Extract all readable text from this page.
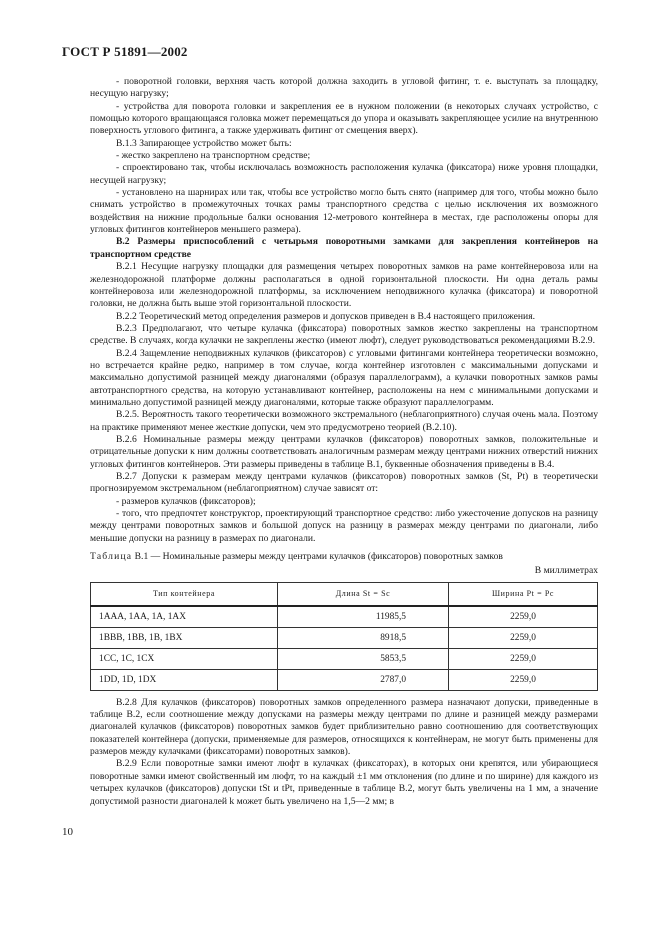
ГОСТ Р 51891—2002

- поворотной головки, верхняя часть которой должна заходить в угловой фитинг, т. е. выступать за площадку, несущую нагрузку;

- устройства для поворота головки и закрепления ее в нужном положении (в некоторых случаях устройство, с помощью которого вращающаяся головка может перемещаться до упора и оказывать закрепляющее усилие на внутреннюю поверхность углового фитинга, а также удерживать фитинг от смещения вверх).

В.1.3 Запирающее устройство может быть:

- жестко закреплено на транспортном средстве;

- спроектировано так, чтобы исключалась возможность расположения кулачка (фиксатора) ниже уровня площадки, несущей нагрузку;

- установлено на шарнирах или так, чтобы все устройство могло быть снято (например для того, чтобы можно было снимать устройство в промежуточных точках рамы транспортного средства с целью исключения их возможного воздействия на нижние продольные балки основания 12-метрового контейнера в местах, где расположены опоры для угловых фитингов контейнеров меньшего размера).

В.2 Размеры приспособлений с четырьмя поворотными замками для закрепления контейнеров на транспортном средстве

В.2.1 Несущие нагрузку площадки для размещения четырех поворотных замков на раме контейнеровоза или на железнодорожной платформе должны располагаться в одной горизонтальной плоскости. Ни одна деталь рамы контейнеровоза или железнодорожной платформы, за исключением неподвижного кулачка (фиксатора) и поворотной головки, не должна быть выше этой горизонтальной плоскости.

В.2.2 Теоретический метод определения размеров и допусков приведен в В.4 настоящего приложения.

В.2.3 Предполагают, что четыре кулачка (фиксатора) поворотных замков жестко закреплены на транспортном средстве. В случаях, когда кулачки не закреплены жестко (имеют люфт), следует руководствоваться рекомендациями В.2.9.

В.2.4 Защемление неподвижных кулачков (фиксаторов) с угловыми фитингами контейнера теоретически возможно, но встречается крайне редко, например в том случае, когда контейнер изготовлен с максимальными допусками и максимально допустимой разницей между диагоналями (образуя параллелограмм), а кулачки поворотных замков рамы автотранспортного средства, на которую устанавливают контейнер, расположены на нем с минимальными допусками и минимально допустимой разницей между диагоналями, которые также образуют параллелограмм.

В.2.5. Вероятность такого теоретически возможного экстремального (неблагоприятного) случая очень мала. Поэтому на практике применяют менее жесткие допуски, чем это предусмотрено теорией (В.2.10).

В.2.6 Номинальные размеры между центрами кулачков (фиксаторов) поворотных замков, положительные и отрицательные допуски к ним должны соответствовать аналогичным размерам между центрами нижних отверстий нижних угловых фитингов контейнеров. Эти размеры приведены в таблице В.1, буквенные обозначения приведены в В.4.

В.2.7 Допуски к размерам между центрами кулачков (фиксаторов) поворотных замков (St, Pt) в теоретически прогнозируемом экстремальном (неблагоприятном) случае зависят от:

- размеров кулачков (фиксаторов);

- того, что предпочтет конструктор, проектирующий транспортное средство: либо ужесточение допусков на разницу между центрами поворотных замков и большой допуск на разницу в размерах между центрами по диагонали, либо меньшие допуски на разницу в размерах по диагонали.

Таблица В.1 — Номинальные размеры между центрами кулачков (фиксаторов) поворотных замков

В миллиметрах

Тип контейнера	Длина St = Sc	Ширина Pt = Pc
1AAA, 1AA, 1A, 1AX	11985,5	2259,0
1BBB, 1BB, 1B, 1BX	8918,5	2259,0
1CC, 1C, 1CX	5853,5	2259,0
1DD, 1D, 1DX	2787,0	2259,0

В.2.8 Для кулачков (фиксаторов) поворотных замков определенного размера назначают допуски, приведенные в таблице В.2, если соотношение между допусками на размеры между центрами по длине и разницей между размерами диагоналей кулачков (фиксаторов) поворотных замков будет приблизительно равно соотношению для соответствующих показателей контейнера (допуски, применяемые для размеров, относящихся к контейнерам, не могут быть применены для размеров между кулачками (фиксаторами) поворотных замков).

В.2.9 Если поворотные замки имеют люфт в кулачках (фиксаторах), в которых они крепятся, или убирающиеся поворотные замки имеют свойственный им люфт, то на каждый ±1 мм отклонения (по длине и по ширине) для каждого из четырех кулачков (фиксаторов) допуски tSt и tPt, приведенные в таблице В.2, могут быть увеличены на 1 мм, а значение допустимой разности диагоналей k может быть увеличено на 1,5—2 мм; в

10
